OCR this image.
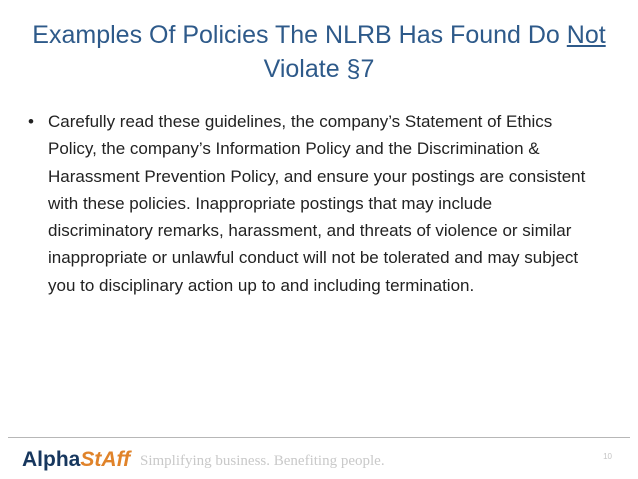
Examples Of Policies The NLRB Has Found Do Not
Violate §7
• Carefully read these guidelines, the company’s Statement of Ethics Policy, the company’s Information Policy and the Discrimination & Harassment Prevention Policy, and ensure your postings are consistent with these policies. Inappropriate postings that may include discriminatory remarks, harassment, and threats of violence or similar inappropriate or unlawful conduct will not be tolerated and may subject you to disciplinary action up to and including termination.
Alpha StAff Simplifying business. Benefiting people.	10
